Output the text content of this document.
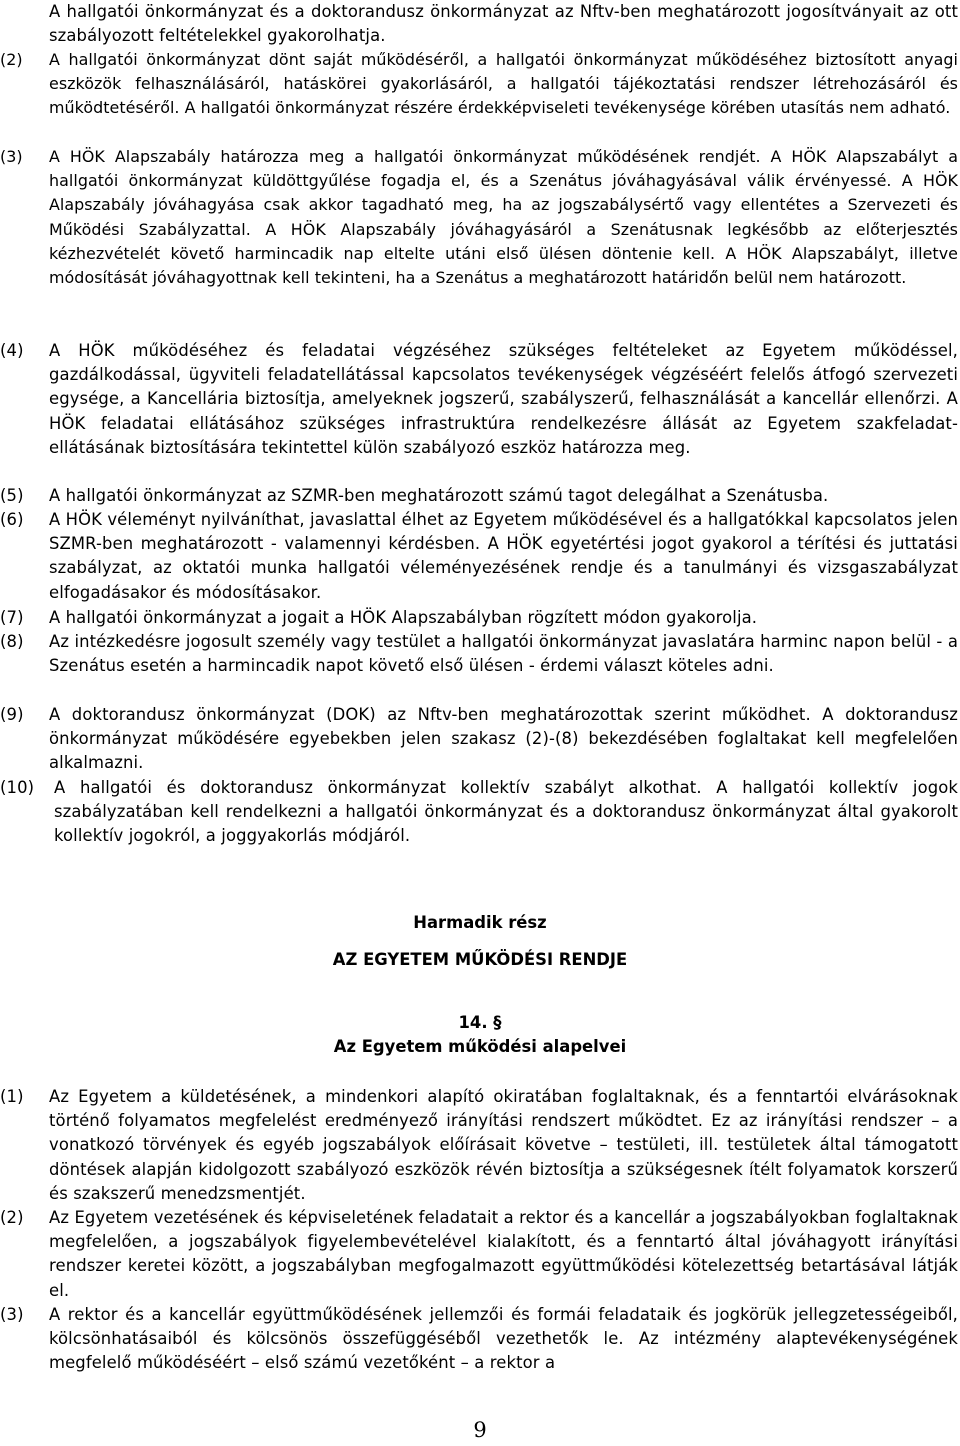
A hallgatói önkormányzat és a doktorandusz önkormányzat az Nftv-ben meghatározott jogosítványait az ott szabályozott feltételekkel gyakorolhatja.
(2) A hallgatói önkormányzat dönt saját működéséről, a hallgatói önkormányzat működéséhez biztosított anyagi eszközök felhasználásáról, hatáskörei gyakorlásáról, a hallgatói tájékoztatási rendszer létrehozásáról és működtetéséről. A hallgatói önkormányzat részére érdekképviseleti tevékenysége körében utasítás nem adható.
(3) A HÖK Alapszabály határozza meg a hallgatói önkormányzat működésének rendjét. A HÖK Alapszabályt a hallgatói önkormányzat küldöttgyűlése fogadja el, és a Szenátus jóváhagyásával válik érvényessé. A HÖK Alapszabály jóváhagyása csak akkor tagadható meg, ha az jogszabálysértő vagy ellentétes a Szervezeti és Működési Szabályzattal. A HÖK Alapszabály jóváhagyásáról a Szenátusnak legkésőbb az előterjesztés kézhezvételét követő harmincadik nap eltelte utáni első ülésen döntenie kell. A HÖK Alapszabályt, illetve módosítását jóváhagyottnak kell tekinteni, ha a Szenátus a meghatározott határidőn belül nem határozott.
(4) A HÖK működéséhez és feladatai végzéséhez szükséges feltételeket az Egyetem működéssel, gazdálkodással, ügyviteli feladatellátással kapcsolatos tevékenységek végzéséért felelős átfogó szervezeti egysége, a Kancellária biztosítja, amelyeknek jogszerű, szabályszerű, felhasználását a kancellár ellenőrzi. A HÖK feladatai ellátásához szükséges infrastruktúra rendelkezésre állását az Egyetem szakfeladat-ellátásának biztosítására tekintettel külön szabályozó eszköz határozza meg.
(5) A hallgatói önkormányzat az SZMR-ben meghatározott számú tagot delegálhat a Szenátusba.
(6) A HÖK véleményt nyilváníthat, javaslattal élhet az Egyetem működésével és a hallgatókkal kapcsolatos jelen SZMR-ben meghatározott - valamennyi kérdésben. A HÖK egyetértési jogot gyakorol a térítési és juttatási szabályzat, az oktatói munka hallgatói véleményezésének rendje és a tanulmányi és vizsgaszabályzat elfogadásakor és módosításakor.
(7) A hallgatói önkormányzat a jogait a HÖK Alapszabályban rögzített módon gyakorolja.
(8) Az intézkedésre jogosult személy vagy testület a hallgatói önkormányzat javaslatára harminc napon belül - a Szenátus esetén a harmincadik napot követő első ülésen - érdemi választ köteles adni.
(9) A doktorandusz önkormányzat (DOK) az Nftv-ben meghatározottak szerint működhet. A doktorandusz önkormányzat működésére egyebekben jelen szakasz (2)-(8) bekezdésében foglaltakat kell megfelelően alkalmazni.
(10) A hallgatói és doktorandusz önkormányzat kollektív szabályt alkothat. A hallgatói kollektív jogok szabályzatában kell rendelkezni a hallgatói önkormányzat és a doktorandusz önkormányzat által gyakorolt kollektív jogokról, a joggyakorlás módjáról.
Harmadik rész
AZ EGYETEM MŰKÖDÉSI RENDJE
14. §
Az Egyetem működési alapelvei
(1) Az Egyetem a küldetésének, a mindenkori alapító okiratában foglaltaknak, és a fenntartói elvárásoknak történő folyamatos megfelelést eredményező irányítási rendszert működtet. Ez az irányítási rendszer – a vonatkozó törvények és egyéb jogszabályok előírásait követve – testületi, ill. testületek által támogatott döntések alapján kidolgozott szabályozó eszközök révén biztosítja a szükségesnek ítélt folyamatok korszerű és szakszerű menedzsmentjét.
(2) Az Egyetem vezetésének és képviseletének feladatait a rektor és a kancellár a jogszabályokban foglaltaknak megfelelően, a jogszabályok figyelembevételével kialakított, és a fenntartó által jóváhagyott irányítási rendszer keretei között, a jogszabályban megfogalmazott együttműködési kötelezettség betartásával látják el.
(3) A rektor és a kancellár együttműködésének jellemzői és formái feladataik és jogkörük jellegzetességeiből, kölcsönhatásaiból és kölcsönös összefüggéséből vezethetők le. Az intézmény alaptevékenységének megfelelő működéséért – első számú vezetőként – a rektor a
9
